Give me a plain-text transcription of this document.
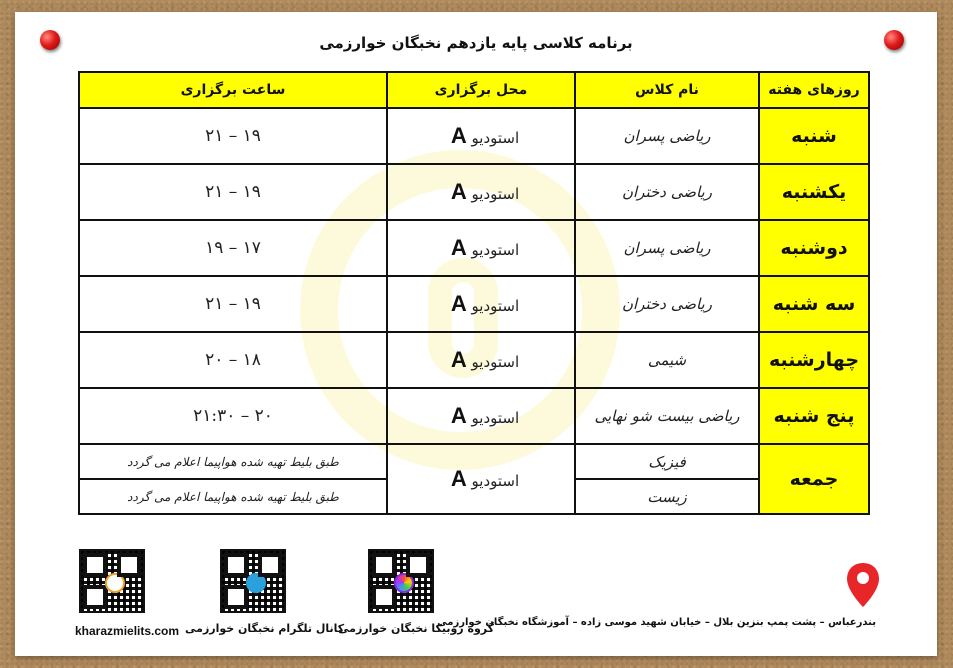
برنامه کلاسی پایه یازدهم نخبگان خوارزمی
روزهای هفته	نام کلاس	محل برگزاری	ساعت برگزاری
شنبه	ریاضی پسران	استودیو A	۱۹ – ۲۱
یکشنبه	ریاضی دختران	استودیو A	۱۹ – ۲۱
دوشنبه	ریاضی پسران	استودیو A	۱۷ – ۱۹
سه شنبه	ریاضی دختران	استودیو A	۱۹ – ۲۱
چهارشنبه	شیمی	استودیو A	۱۸ – ۲۰
پنج شنبه	ریاضی بیست شو نهایی	استودیو A	۲۰ – ۲۱:۳۰
جمعه	فیزیک	استودیو A	طبق بلیط تهیه شده هواپیما اعلام می گردد
	زیست		طبق بلیط تهیه شده هواپیما اعلام می گردد
kharazmielits.com کانال تلگرام نخبگان خوارزمی
گروه روبیکا نخبگان خوارزمی
بندرعباس – پشت پمپ بنزین بلال – خیابان شهید موسی زاده – آموزشگاه نخبگان خوارزمی
